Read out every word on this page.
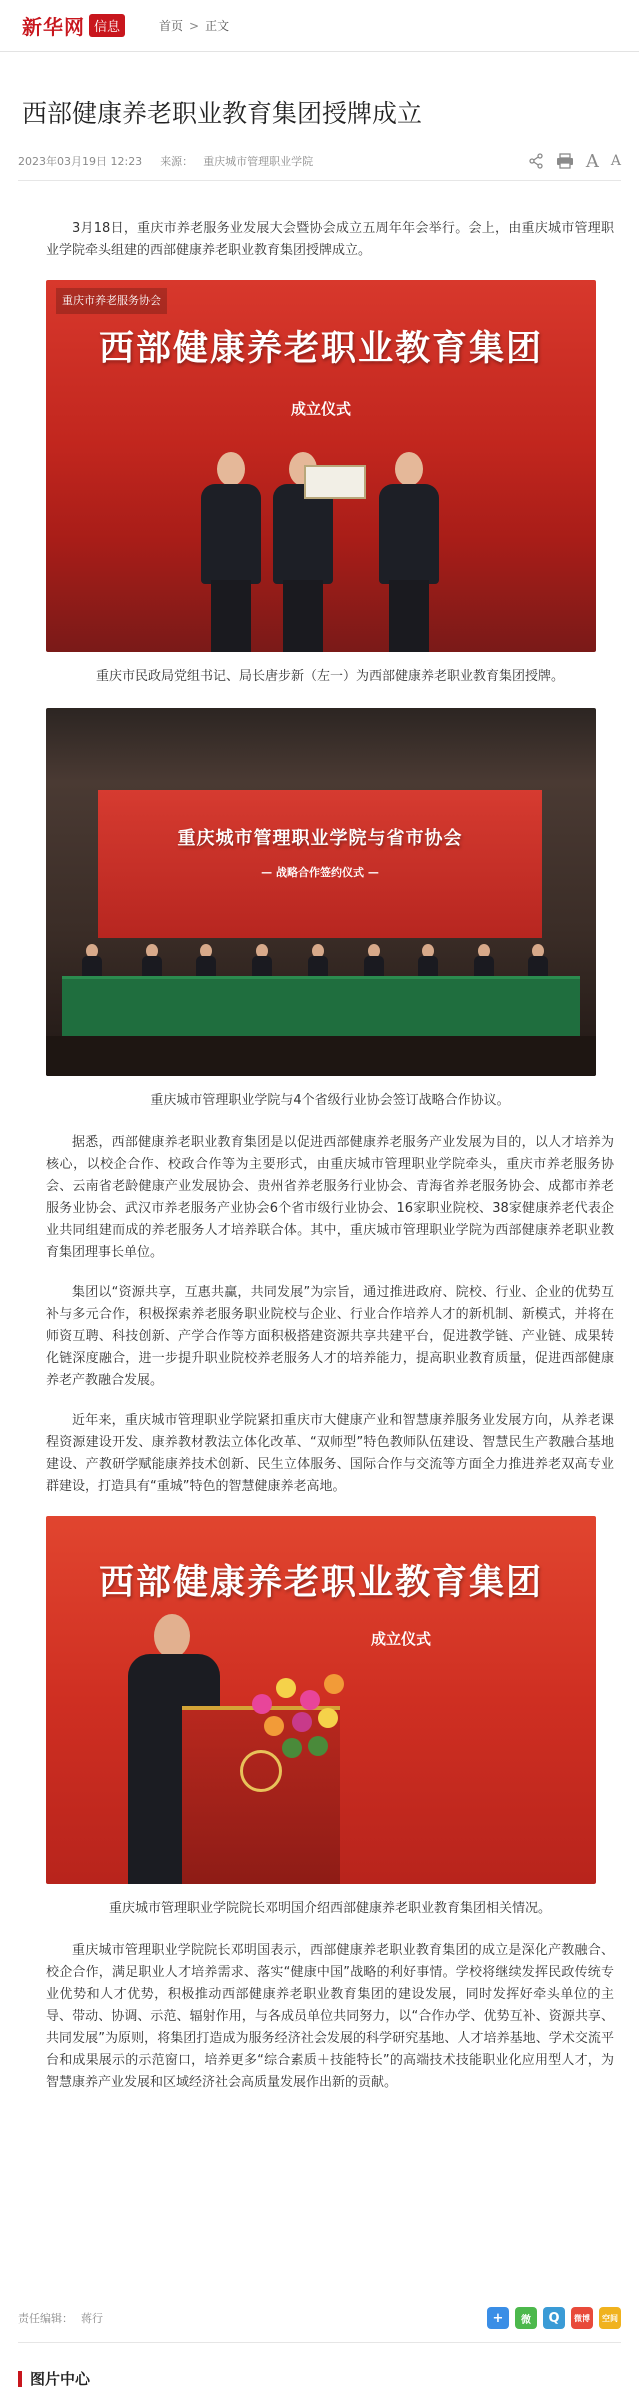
新华网 信息	首页 > 正文
西部健康养老职业教育集团授牌成立
2023年03月19日 12:23 来源： 重庆城市管理职业学院	A A

3月18日，重庆市养老服务业发展大会暨协会成立五周年年会举行。会上，由重庆城市管理职业学院牵头组建的西部健康养老职业教育集团授牌成立。

重庆市养老服务协会
西部健康养老职业教育集团
成立仪式

重庆市民政局党组书记、局长唐步新（左一）为西部健康养老职业教育集团授牌。

重庆城市管理职业学院与省市协会
— 战略合作签约仪式 —

重庆城市管理职业学院与4个省级行业协会签订战略合作协议。

据悉，西部健康养老职业教育集团是以促进西部健康养老服务产业发展为目的，以人才培养为核心，以校企合作、校政合作等为主要形式，由重庆城市管理职业学院牵头，重庆市养老服务协会、云南省老龄健康产业发展协会、贵州省养老服务行业协会、青海省养老服务协会、成都市养老服务业协会、武汉市养老服务产业协会6个省市级行业协会、16家职业院校、38家健康养老代表企业共同组建而成的养老服务人才培养联合体。其中，重庆城市管理职业学院为西部健康养老职业教育集团理事长单位。

集团以“资源共享，互惠共赢，共同发展”为宗旨，通过推进政府、院校、行业、企业的优势互补与多元合作，积极探索养老服务职业院校与企业、行业合作培养人才的新机制、新模式，并将在师资互聘、科技创新、产学合作等方面积极搭建资源共享共建平台，促进教学链、产业链、成果转化链深度融合，进一步提升职业院校养老服务人才的培养能力，提高职业教育质量，促进西部健康养老产教融合发展。

近年来，重庆城市管理职业学院紧扣重庆市大健康产业和智慧康养服务业发展方向，从养老课程资源建设开发、康养教材教法立体化改革、“双师型”特色教师队伍建设、智慧民生产教融合基地建设、产教研学赋能康养技术创新、民生立体服务、国际合作与交流等方面全力推进养老双高专业群建设，打造具有“重城”特色的智慧健康养老高地。

西部健康养老职业教育集团
成立仪式

重庆城市管理职业学院院长邓明国介绍西部健康养老职业教育集团相关情况。

重庆城市管理职业学院院长邓明国表示，西部健康养老职业教育集团的成立是深化产教融合、校企合作，满足职业人才培养需求、落实“健康中国”战略的利好事情。学校将继续发挥民政传统专业优势和人才优势，积极推动西部健康养老职业教育集团的建设发展，同时发挥好牵头单位的主导、带动、协调、示范、辐射作用，与各成员单位共同努力，以“合作办学、优势互补、资源共享、共同发展”为原则，将集团打造成为服务经济社会发展的科学研究基地、人才培养基地、学术交流平台和成果展示的示范窗口，培养更多“综合素质＋技能特长”的高端技术技能职业化应用型人才，为智慧康养产业发展和区域经济社会高质量发展作出新的贡献。

责任编辑： 蒋行	+	微	Q	微博	空间
图片中心
